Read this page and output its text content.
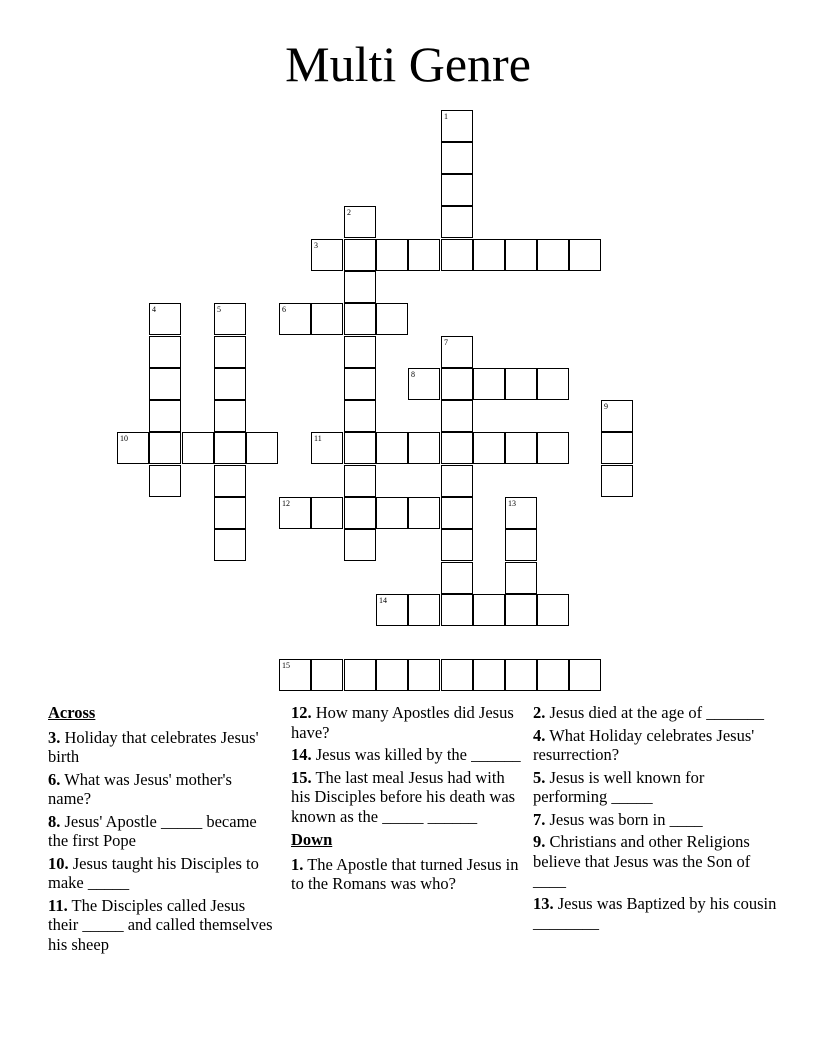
Multi Genre
1
2
3
4	5	6
7
8
9
10	11
12	13
14
15
Across
3. Holiday that celebrates Jesus' birth
6. What was Jesus' mother's name?
8. Jesus' Apostle _____ became the first Pope
10. Jesus taught his Disciples to make _____
11. The Disciples called Jesus their _____ and called themselves his sheep
12. How many Apostles did Jesus have?
14. Jesus was killed by the ______
15. The last meal Jesus had with his Disciples before his death was known as the _____ ______
Down
1. The Apostle that turned Jesus in to the Romans was who?
2. Jesus died at the age of _______
4. What Holiday celebrates Jesus' resurrection?
5. Jesus is well known for performing _____
7. Jesus was born in ____
9. Christians and other Religions believe that Jesus was the Son of ____
13. Jesus was Baptized by his cousin ________
